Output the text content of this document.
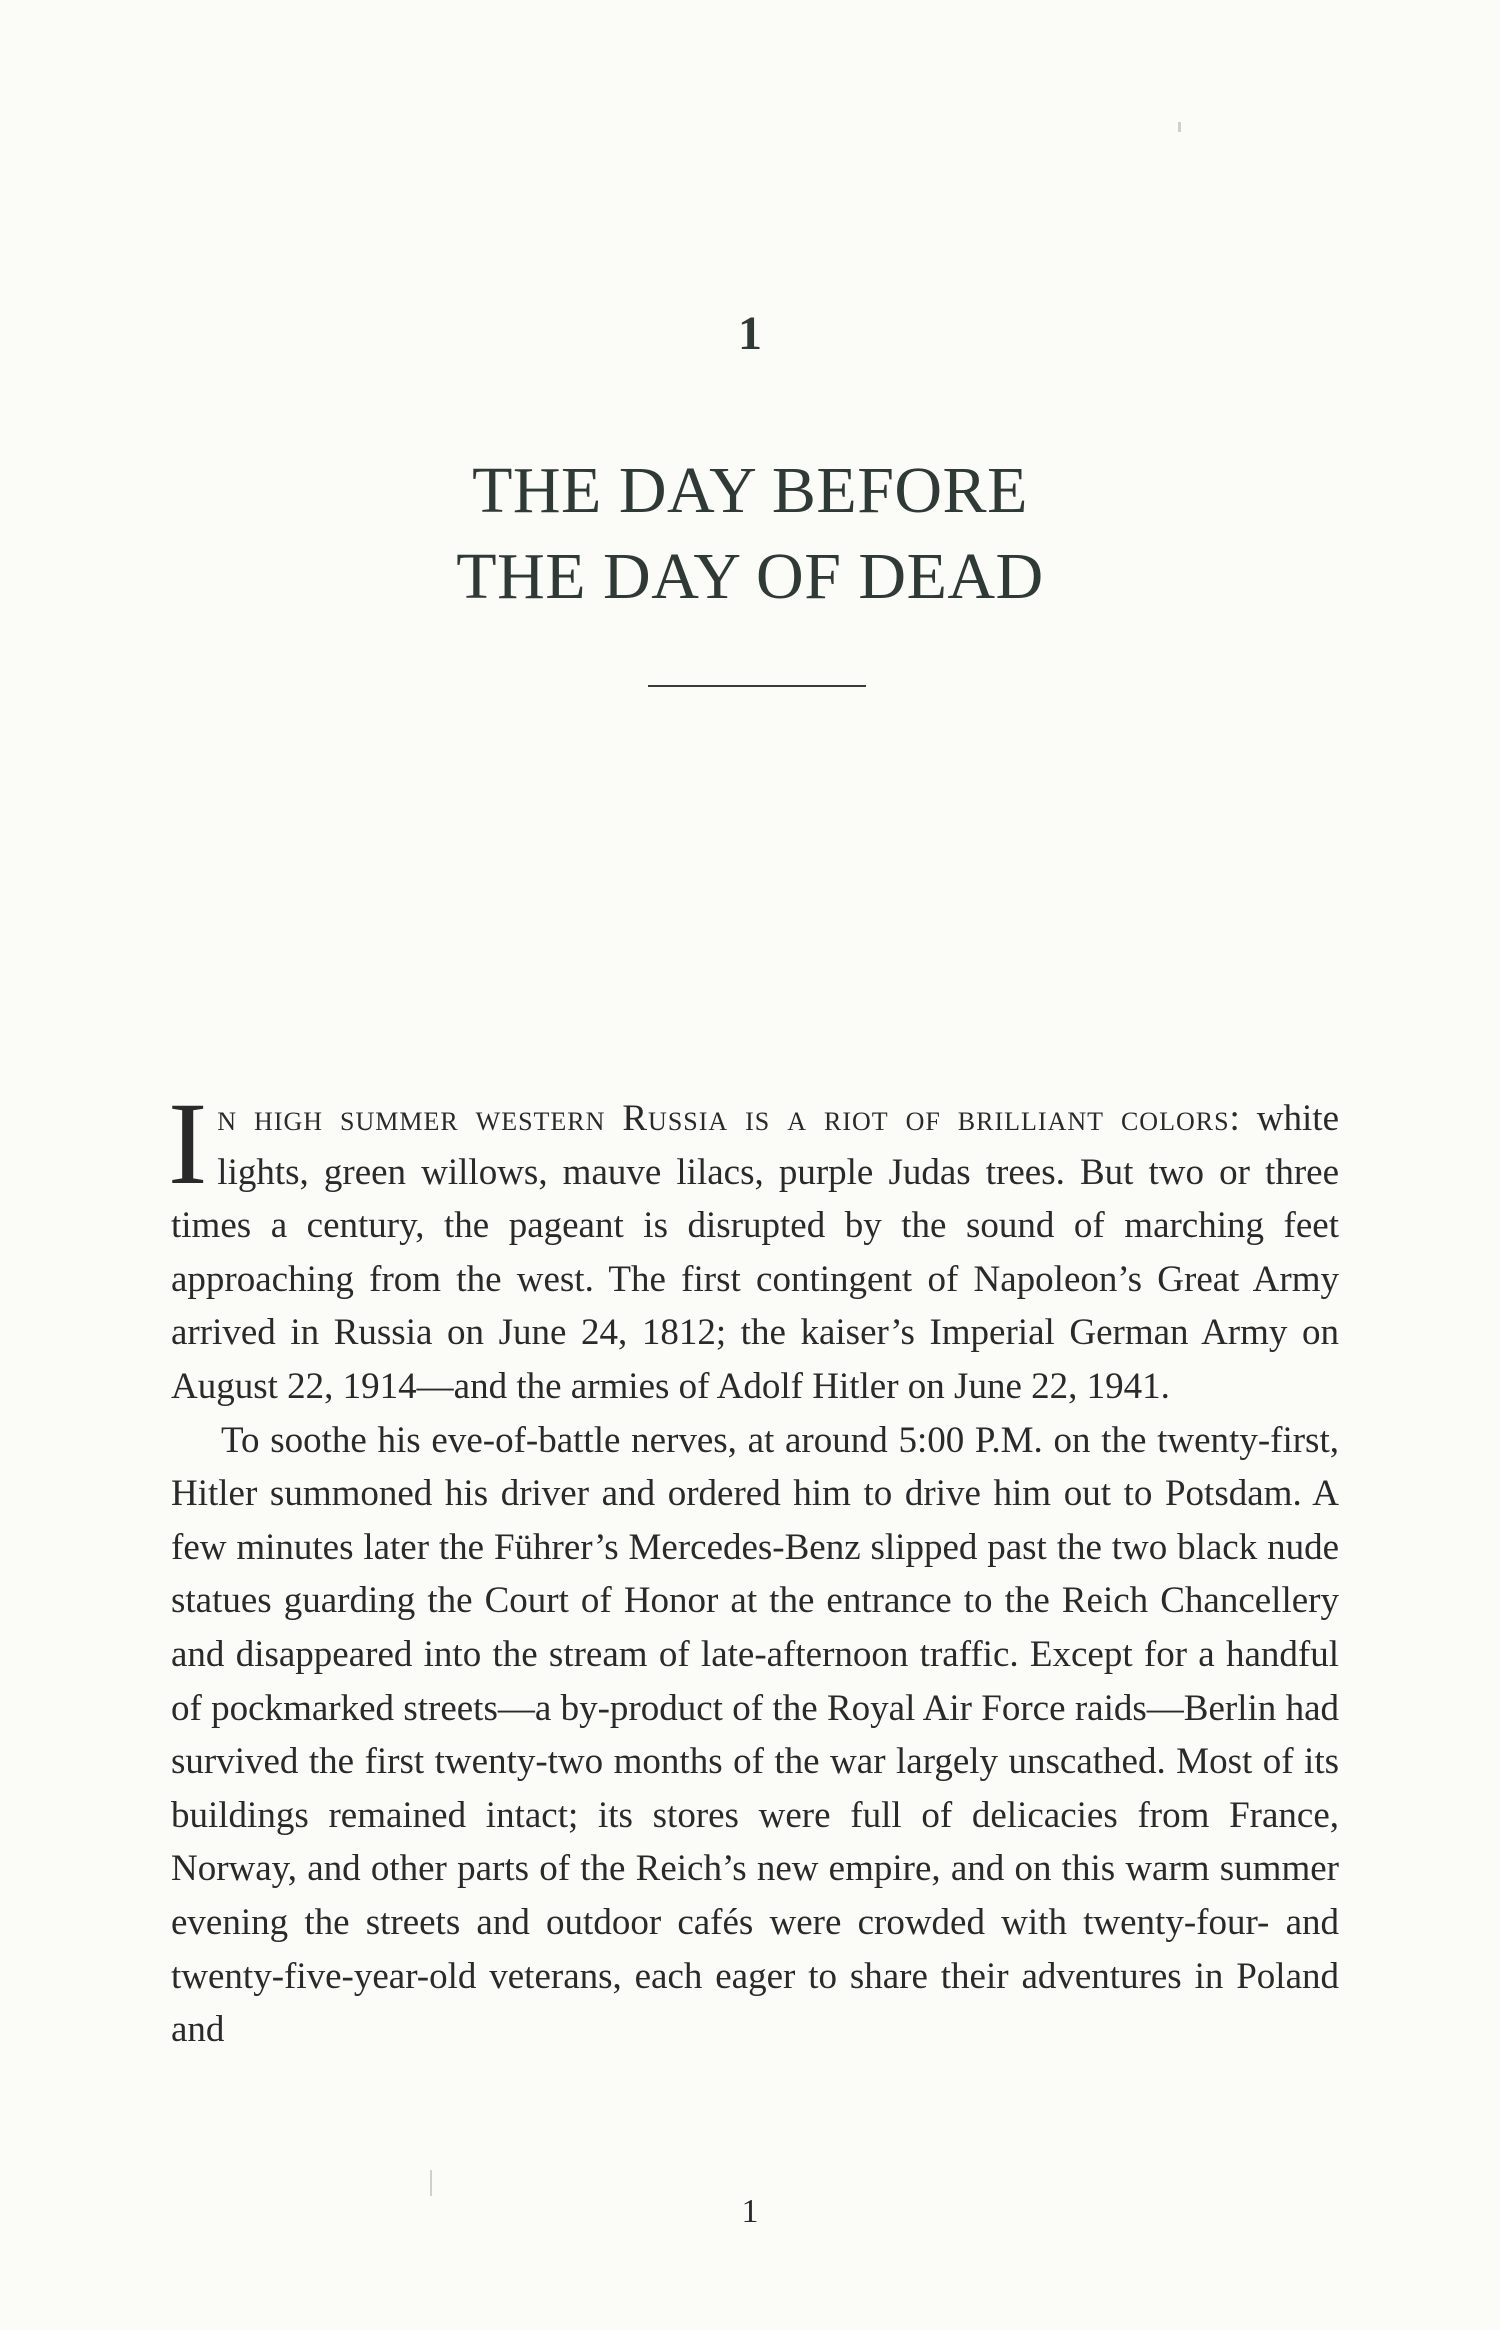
1
THE DAY BEFORE
THE DAY OF DEAD

In high summer western Russia is a riot of brilliant colors: white lights, green willows, mauve lilacs, purple Judas trees. But two or three times a century, the pageant is disrupted by the sound of marching feet approaching from the west. The first contingent of Napoleon’s Great Army arrived in Russia on June 24, 1812; the kaiser’s Imperial German Army on August 22, 1914—and the armies of Adolf Hitler on June 22, 1941.

To soothe his eve-of-battle nerves, at around 5:00 P.M. on the twenty-first, Hitler summoned his driver and ordered him to drive him out to Potsdam. A few minutes later the Führer’s Mercedes-Benz slipped past the two black nude statues guarding the Court of Honor at the entrance to the Reich Chancellery and disappeared into the stream of late-afternoon traffic. Except for a handful of pockmarked streets—a by-product of the Royal Air Force raids—Berlin had survived the first twenty-two months of the war largely unscathed. Most of its buildings remained intact; its stores were full of delicacies from France, Norway, and other parts of the Reich’s new empire, and on this warm summer evening the streets and outdoor cafés were crowded with twenty-four- and twenty-five-year-old veterans, each eager to share their adventures in Poland and

1
